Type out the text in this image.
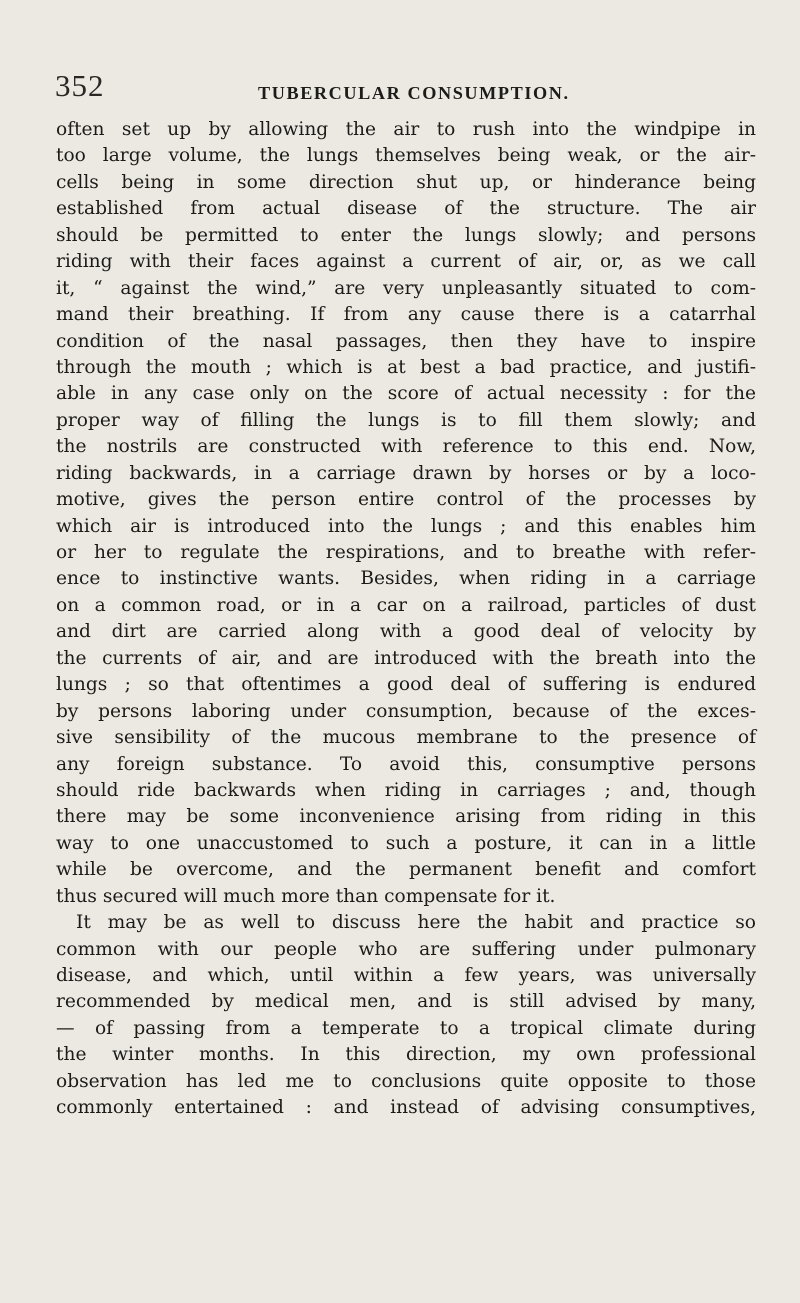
352	TUBERCULAR CONSUMPTION.
often set up by allowing the air to rush into the windpipe in
too large volume, the lungs themselves being weak, or the air-
cells being in some direction shut up, or hinderance being
established from actual disease of the structure. The air
should be permitted to enter the lungs slowly; and persons
riding with their faces against a current of air, or, as we call
it, “ against the wind,” are very unpleasantly situated to com-
mand their breathing. If from any cause there is a catarrhal
condition of the nasal passages, then they have to inspire
through the mouth ; which is at best a bad practice, and justifi-
able in any case only on the score of actual necessity : for the
proper way of filling the lungs is to fill them slowly; and
the nostrils are constructed with reference to this end. Now,
riding backwards, in a carriage drawn by horses or by a loco-
motive, gives the person entire control of the processes by
which air is introduced into the lungs ; and this enables him
or her to regulate the respirations, and to breathe with refer-
ence to instinctive wants. Besides, when riding in a carriage
on a common road, or in a car on a railroad, particles of dust
and dirt are carried along with a good deal of velocity by
the currents of air, and are introduced with the breath into the
lungs ; so that oftentimes a good deal of suffering is endured
by persons laboring under consumption, because of the exces-
sive sensibility of the mucous membrane to the presence of
any foreign substance. To avoid this, consumptive persons
should ride backwards when riding in carriages ; and, though
there may be some inconvenience arising from riding in this
way to one unaccustomed to such a posture, it can in a little
while be overcome, and the permanent benefit and comfort
thus secured will much more than compensate for it.
It may be as well to discuss here the habit and practice so
common with our people who are suffering under pulmonary
disease, and which, until within a few years, was universally
recommended by medical men, and is still advised by many,
— of passing from a temperate to a tropical climate during
the winter months. In this direction, my own professional
observation has led me to conclusions quite opposite to those
commonly entertained : and instead of advising consumptives,
